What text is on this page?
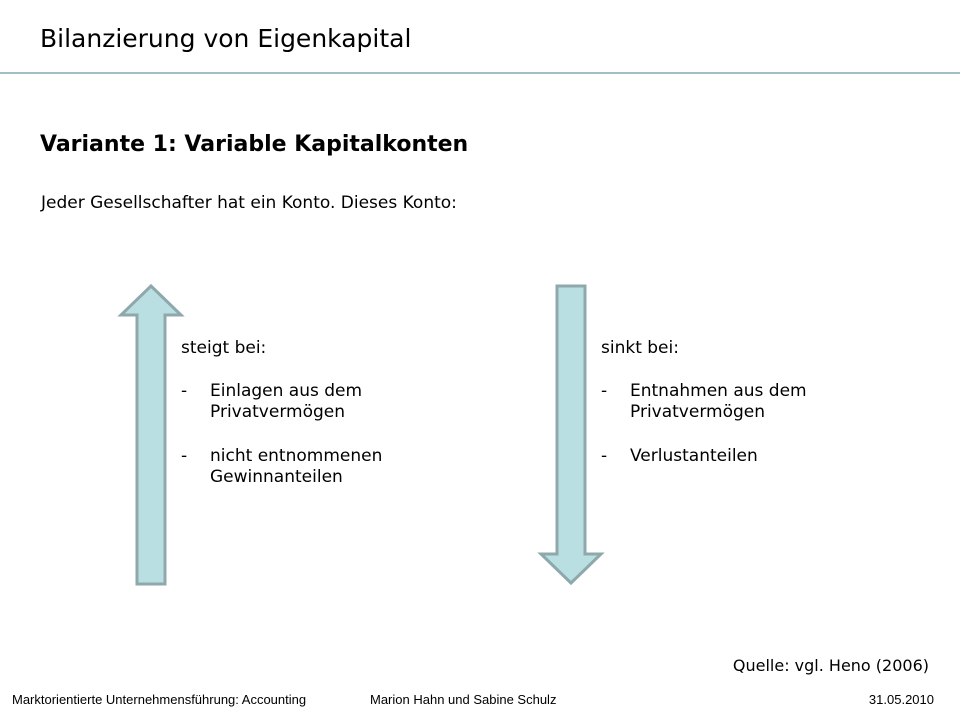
Bilanzierung von Eigenkapital
Variante 1: Variable Kapitalkonten
Jeder Gesellschafter hat ein Konto. Dieses Konto:
steigt bei:
- Einlagen aus dem
Privatvermögen
- nicht entnommenen
Gewinnanteilen
sinkt bei:
- Entnahmen aus dem
Privatvermögen
- Verlustanteilen
Quelle: vgl. Heno (2006)
Marktorientierte Unternehmensführung: Accounting	Marion Hahn und Sabine Schulz	31.05.2010
